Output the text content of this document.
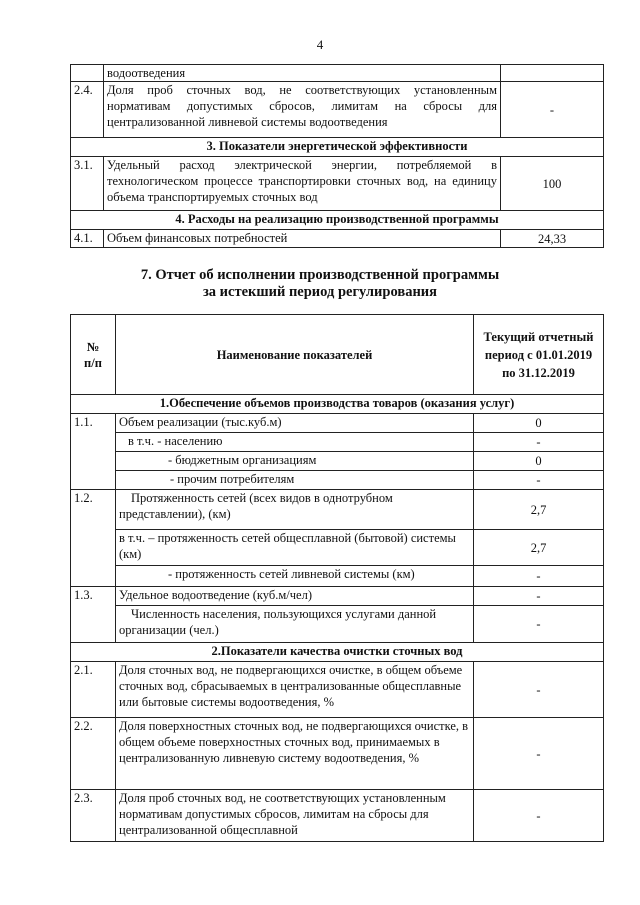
4
	водоотведения	
2.4.	Доля проб сточных вод, не соответствующих установленным нормативам допустимых сбросов, лимитам на сбросы для централизованной ливневой системы водоотведения	-
3. Показатели энергетической эффективности		
3.1.	Удельный расход электрической энергии, потребляемой в технологическом процессе транспортировки сточных вод, на единицу объема транспортируемых сточных вод	100
4. Расходы на реализацию производственной программы		
4.1.	Объем финансовых потребностей	24,33
7. Отчет об исполнении производственной программы
за истекший период регулирования
№
п/п	Наименование показателей	Текущий отчетный период с 01.01.2019 по 31.12.2019
1.Обеспечение объемов производства товаров (оказания услуг)		
1.1.	Объем реализации (тыс.куб.м)	0
	в т.ч. - населению	-
	- бюджетным организациям	0
	- прочим потребителям	-
1.2.	Протяженность сетей (всех видов в однотрубном представлении), (км)	2,7
	в т.ч. – протяженность сетей общесплавной (бытовой) системы (км)	2,7
	- протяженность сетей ливневой системы (км)	-
1.3.	Удельное водоотведение (куб.м/чел)	-
	Численность населения, пользующихся услугами данной организации (чел.)	-
2.Показатели качества очистки сточных вод		
2.1.	Доля сточных вод, не подвергающихся очистке, в общем объеме сточных вод, сбрасываемых в централизованные общесплавные или бытовые системы водоотведения, %	-
2.2.	Доля поверхностных сточных вод, не подвергающихся очистке, в общем объеме поверхностных сточных вод, принимаемых в централизованную ливневую систему водоотведения, %	-
2.3.	Доля проб сточных вод, не соответствующих установленным нормативам допустимых сбросов, лимитам на сбросы для централизованной общесплавной	-
